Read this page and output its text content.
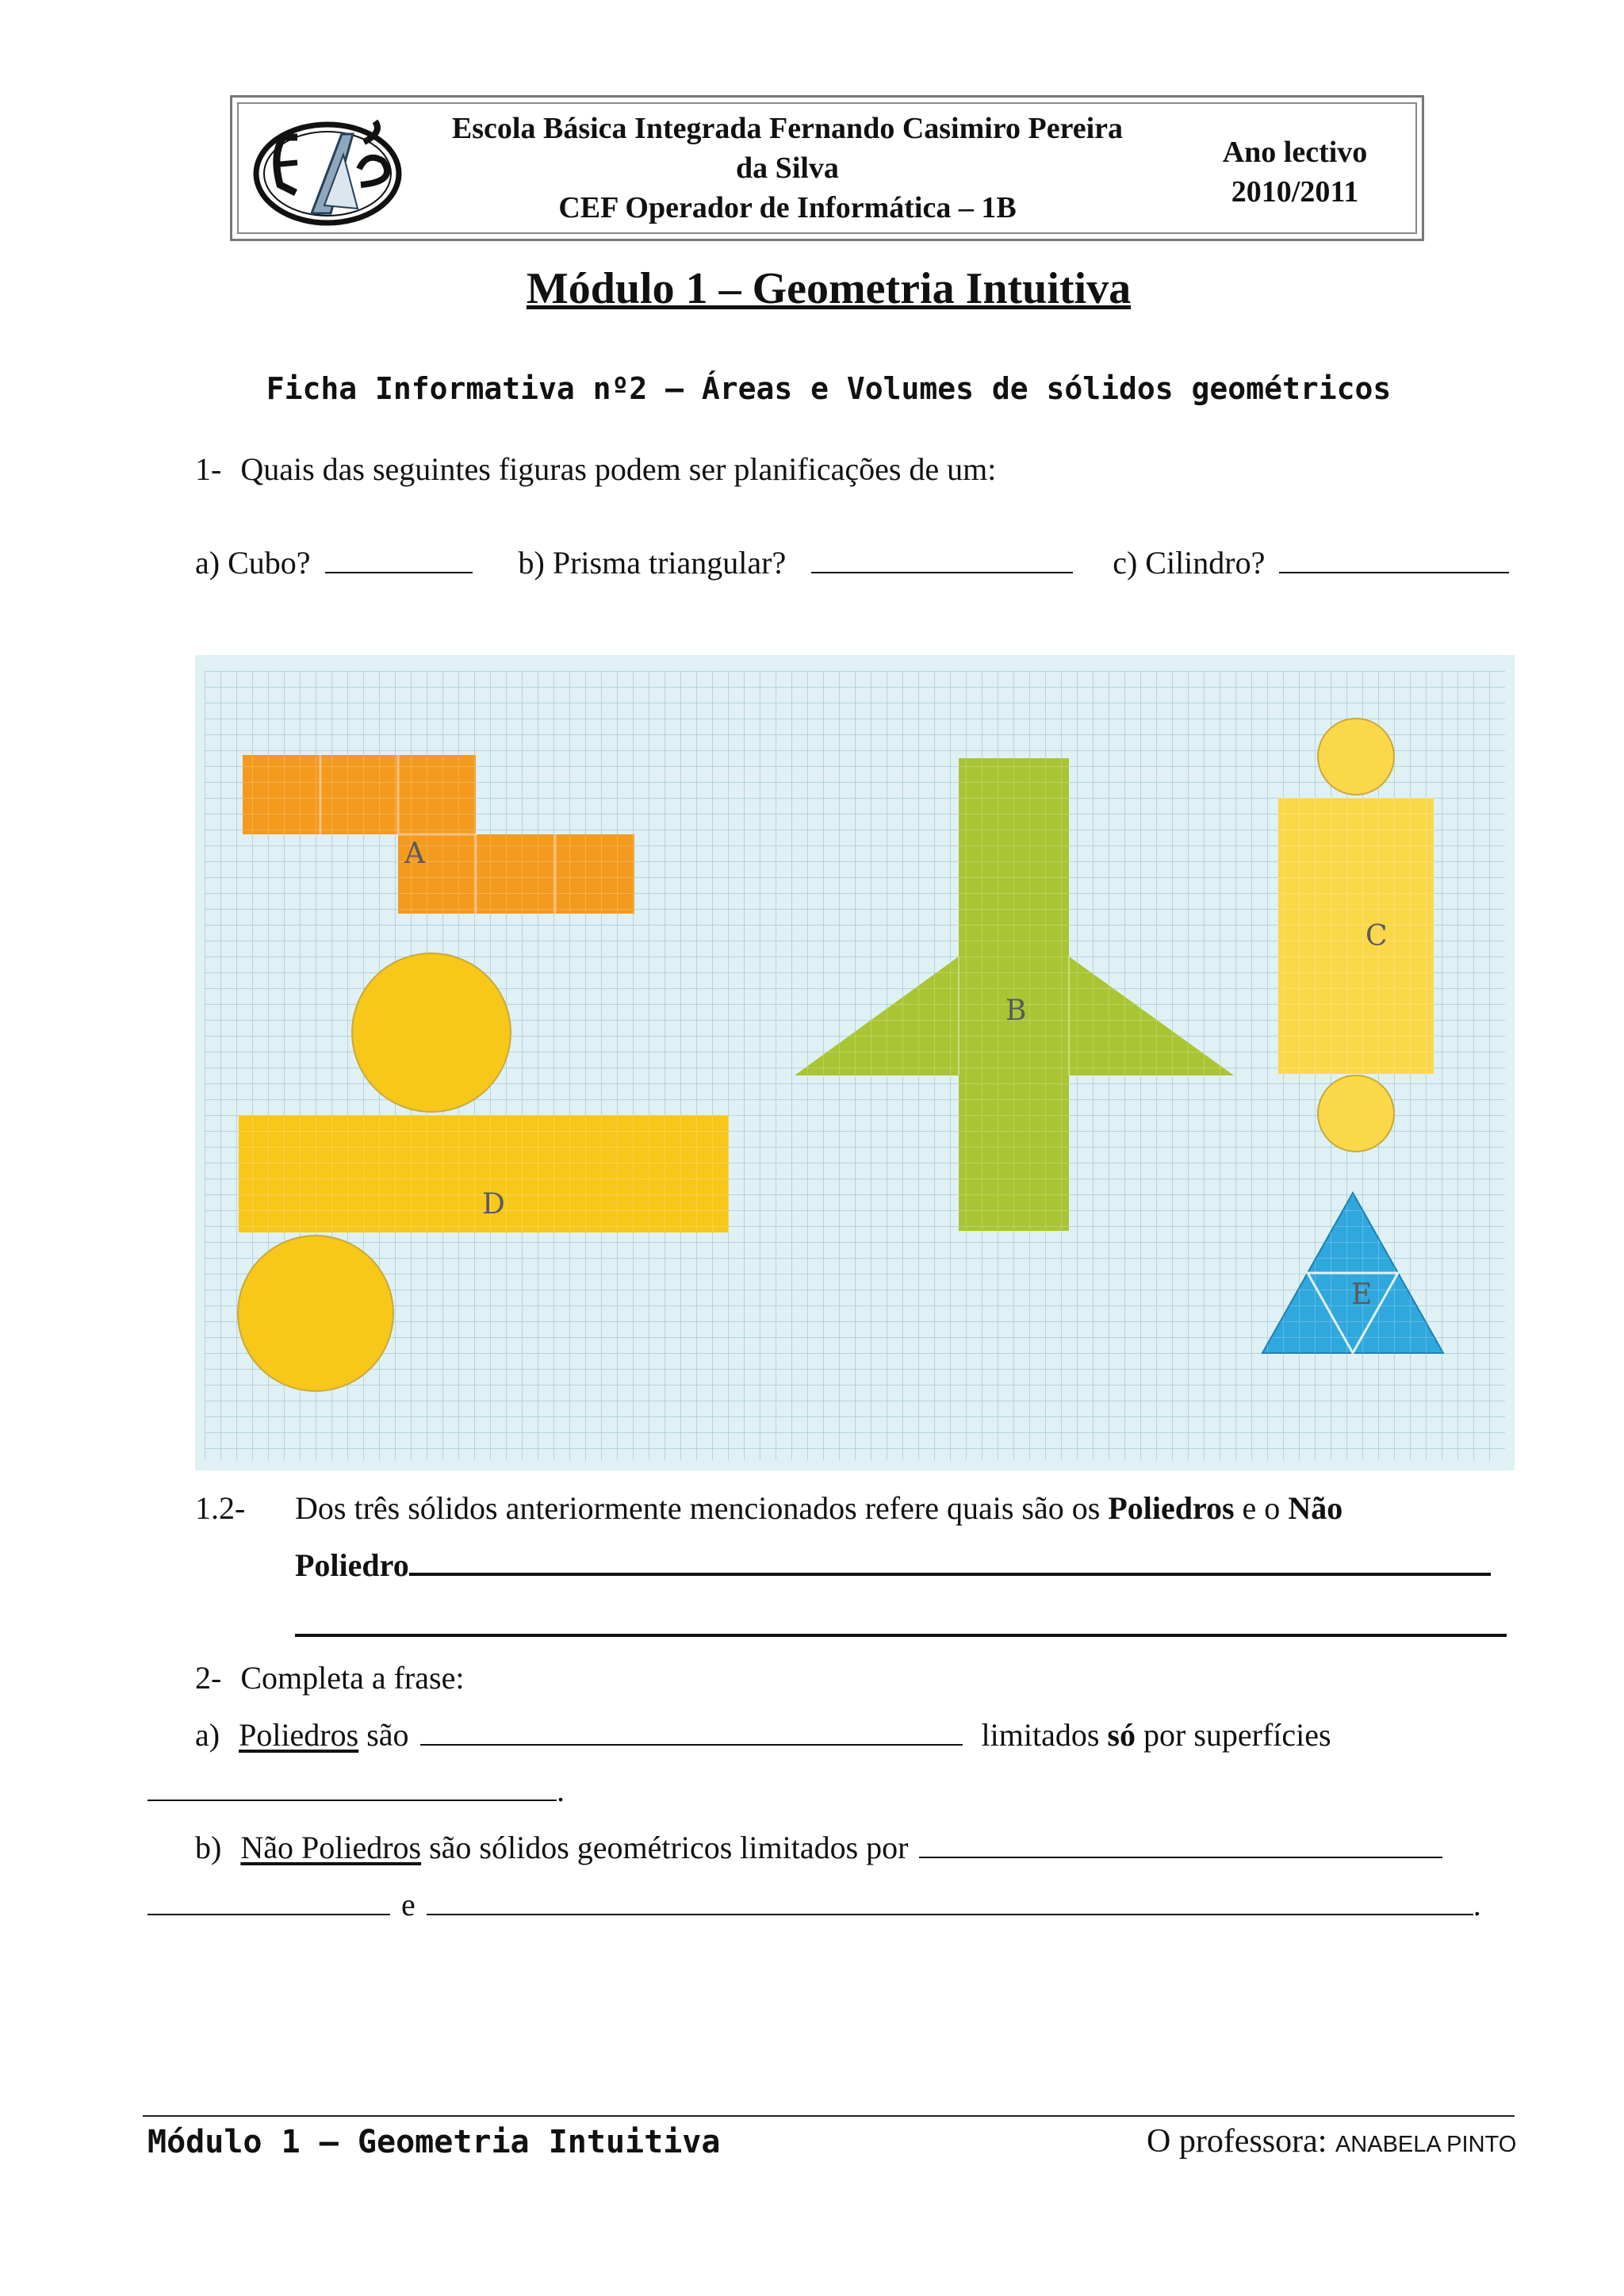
Escola Básica Integrada Fernando Casimiro Pereira
da Silva
CEF Operador de Informática – 1B
Ano lectivo
2010/2011
Módulo 1 – Geometria Intuitiva
Ficha Informativa nº2 – Áreas e Volumes de sólidos geométricos
1- Quais das seguintes figuras podem ser planificações de um:
a) Cubo?	b) Prisma triangular?	c) Cilindro?
A
B
C
D
E
1.2- Dos três sólidos anteriormente mencionados refere quais são os Poliedros e o Não
Poliedro
2- Completa a frase:
a) Poliedros são	limitados só por superfícies
.
b) Não Poliedros são sólidos geométricos limitados por
e	.
Módulo 1 – Geometria Intuitiva	O professora: ANABELA PINTO
